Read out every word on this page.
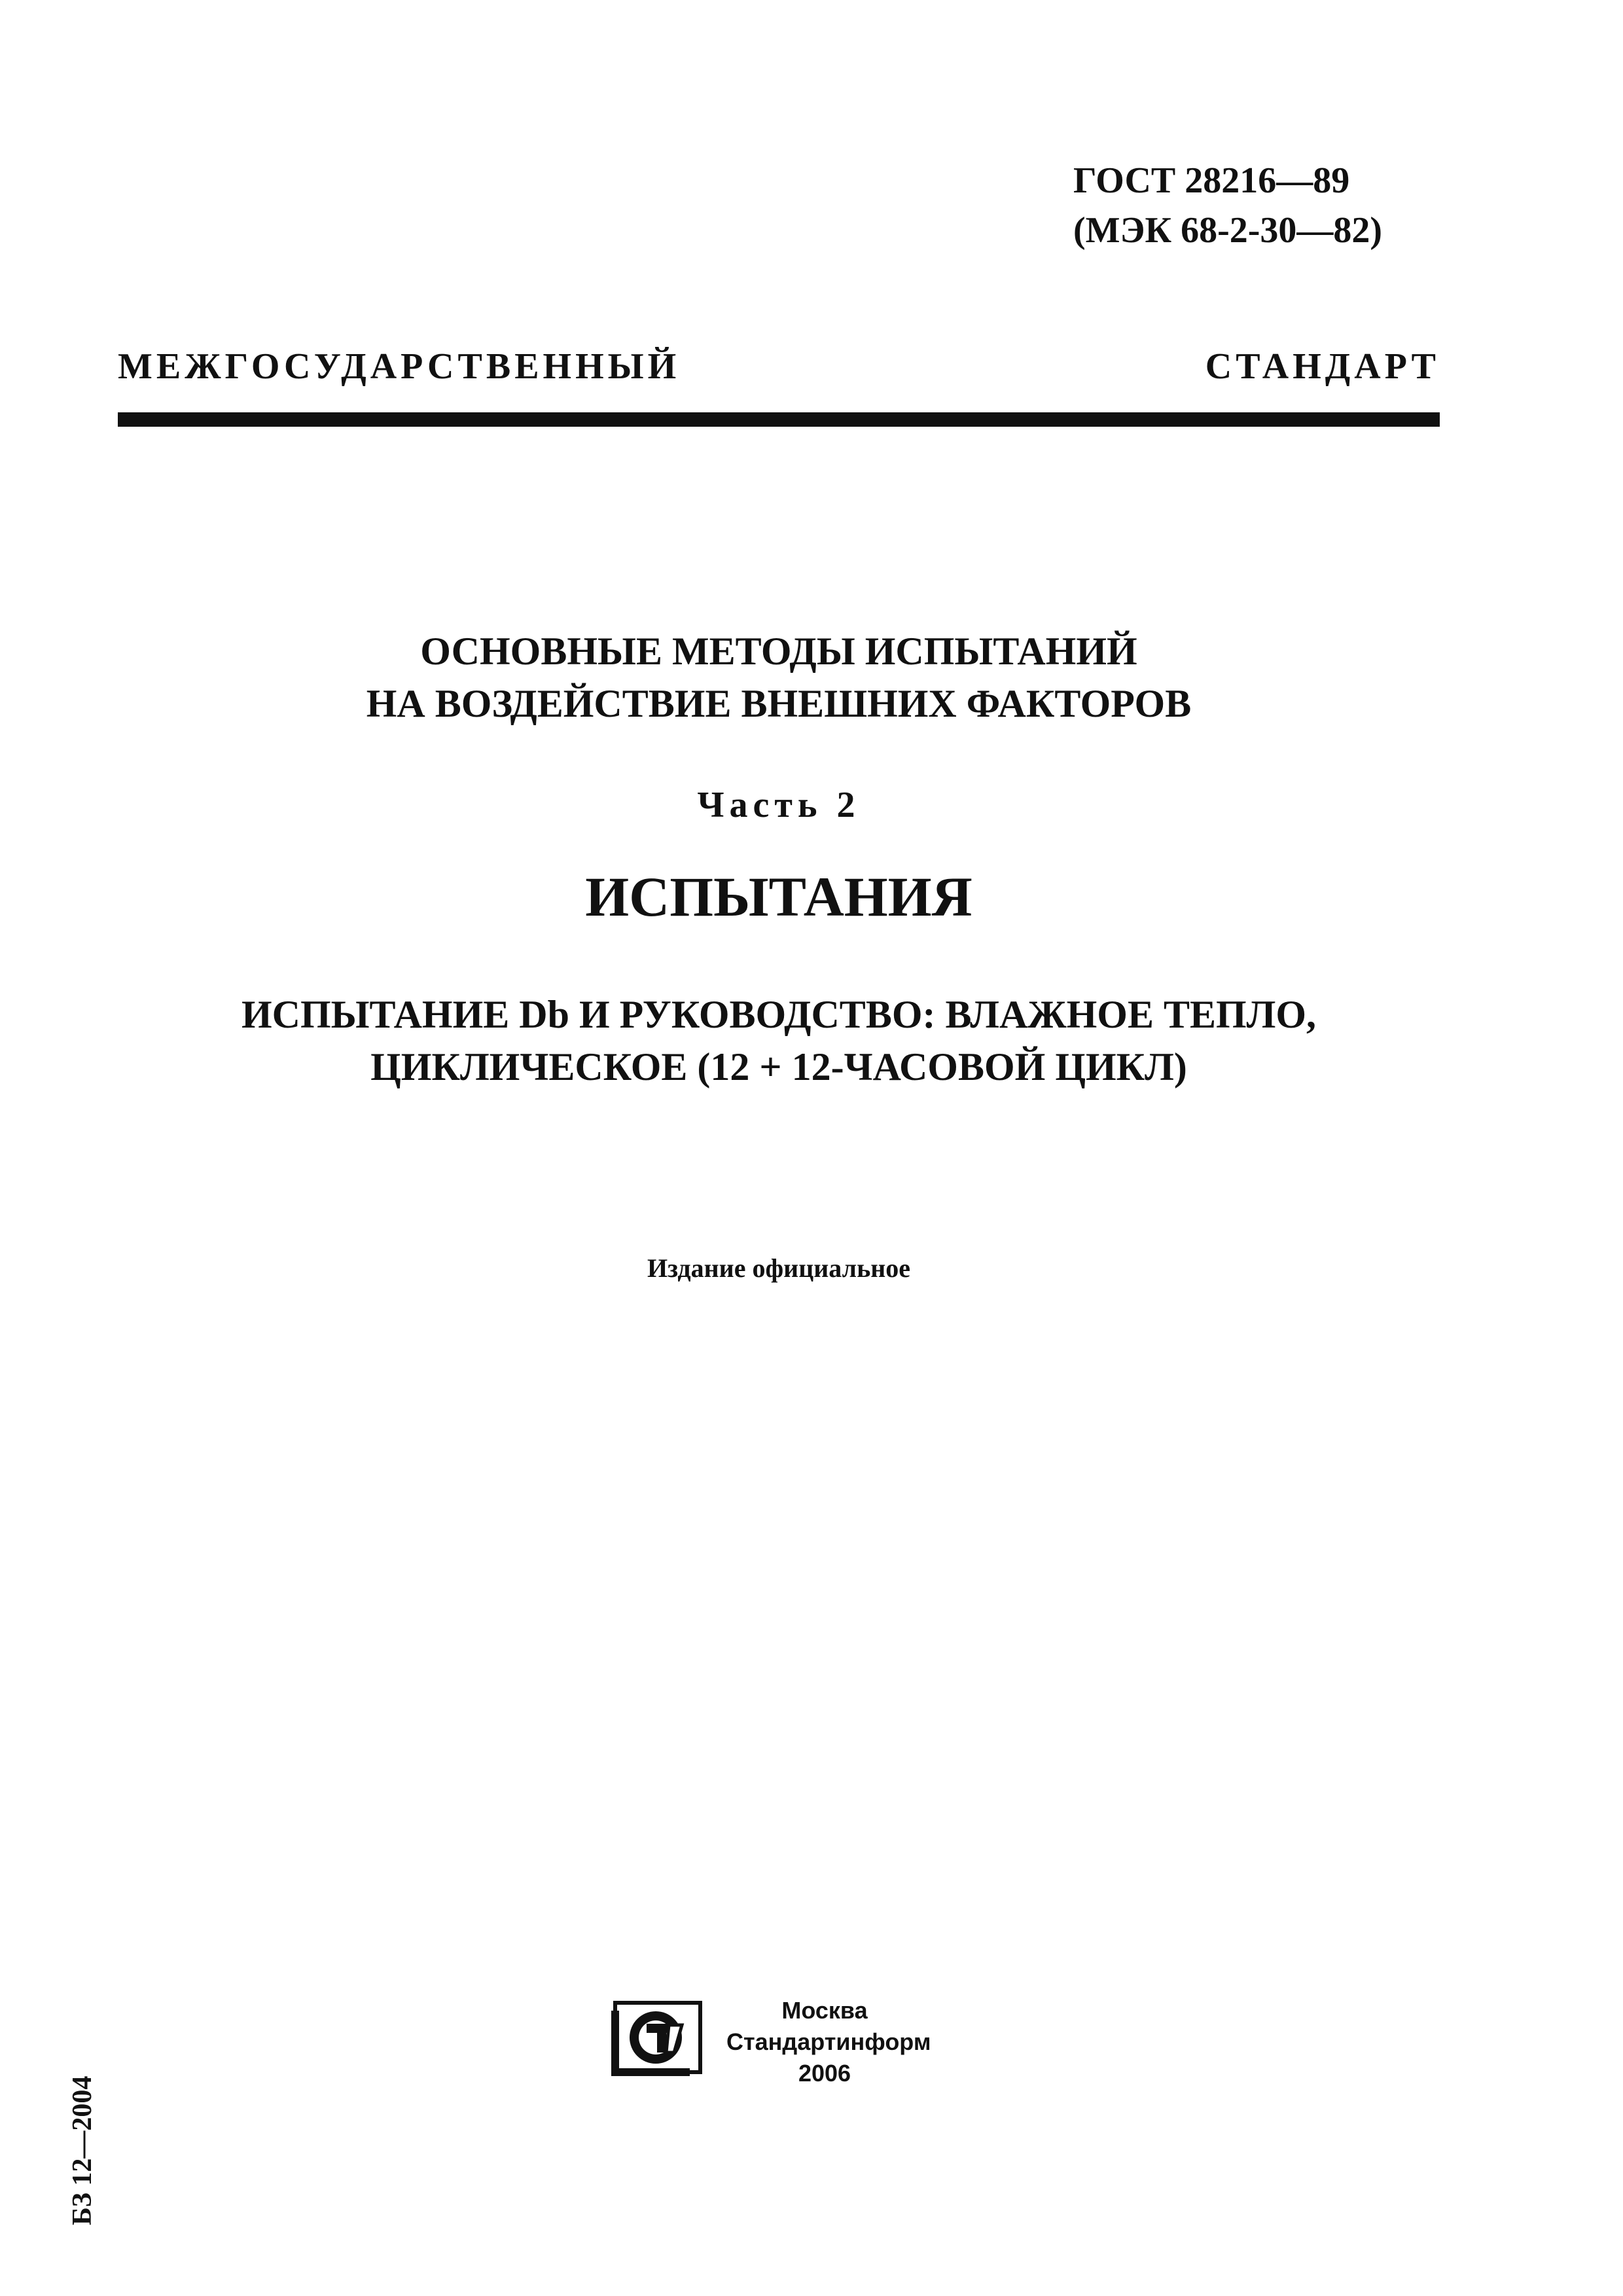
ГОСТ 28216—89
(МЭК 68-2-30—82)
МЕЖГОСУДАРСТВЕННЫЙ СТАНДАРТ
ОСНОВНЫЕ МЕТОДЫ ИСПЫТАНИЙ
НА ВОЗДЕЙСТВИЕ ВНЕШНИХ ФАКТОРОВ
Часть 2
ИСПЫТАНИЯ
ИСПЫТАНИЕ Db И РУКОВОДСТВО: ВЛАЖНОЕ ТЕПЛО,
ЦИКЛИЧЕСКОЕ (12 + 12-ЧАСОВОЙ ЦИКЛ)
Издание официальное
БЗ 12—2004
Москва
Стандартинформ
2006
